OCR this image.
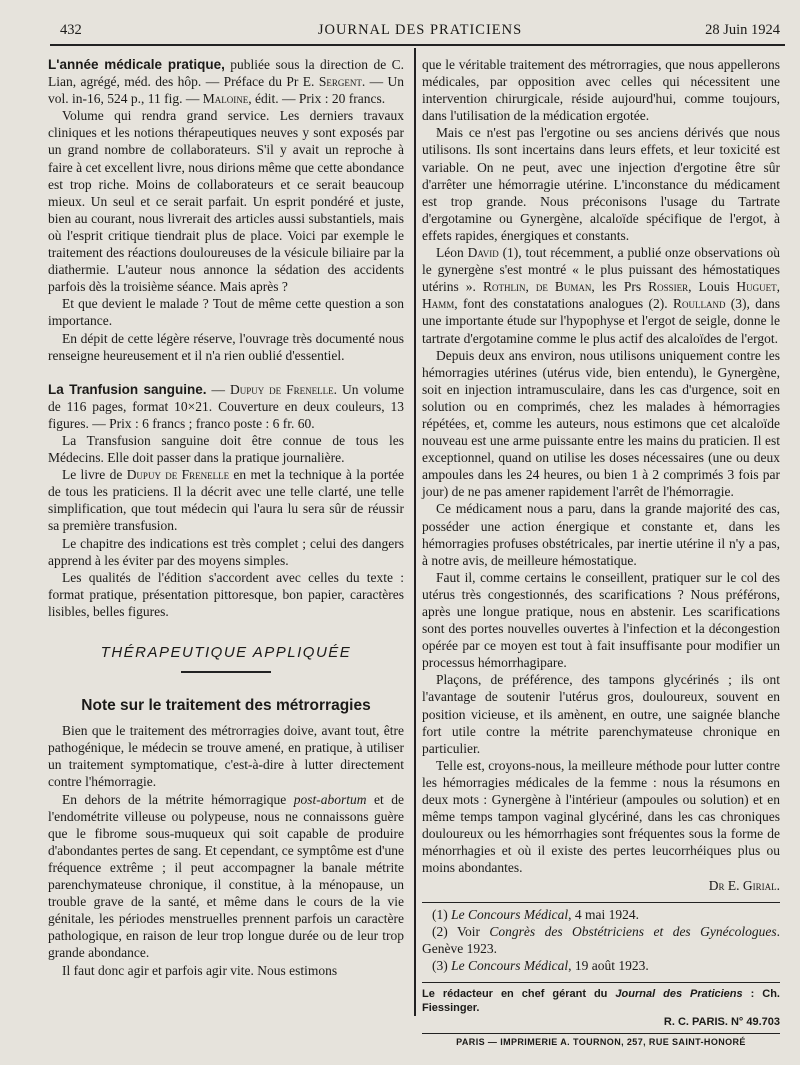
432	JOURNAL DES PRATICIENS	28 Juin 1924

L'année médicale pratique, publiée sous la direction de C. Lian, agrégé, méd. des hôp. — Préface du Pr E. Sergent. — Un vol. in-16, 524 p., 11 fig. — Maloine, édit. — Prix : 20 francs.

Volume qui rendra grand service. Les derniers travaux cliniques et les notions thérapeutiques neuves y sont exposés par un grand nombre de collaborateurs. S'il y avait un reproche à faire à cet excellent livre, nous dirions même que cette abondance est trop riche. Moins de collaborateurs et ce serait beaucoup mieux. Un seul et ce serait parfait. Un esprit pondéré et juste, bien au courant, nous livrerait des articles aussi substantiels, mais où l'esprit critique tiendrait plus de place. Voici par exemple le traitement des réactions douloureuses de la vésicule biliaire par la diathermie. L'auteur nous annonce la sédation des accidents parfois dès la troisième séance. Mais après ?

Et que devient le malade ? Tout de même cette question a son importance.

En dépit de cette légère réserve, l'ouvrage très documenté nous renseigne heureusement et il n'a rien oublié d'essentiel.

La Tranfusion sanguine. — Dupuy de Frenelle. Un volume de 116 pages, format 10×21. Couverture en deux couleurs, 13 figures. — Prix : 6 francs ; franco poste : 6 fr. 60.

La Transfusion sanguine doit être connue de tous les Médecins. Elle doit passer dans la pratique journalière.

Le livre de Dupuy de Frenelle en met la technique à la portée de tous les praticiens. Il la décrit avec une telle clarté, une telle simplification, que tout médecin qui l'aura lu sera sûr de réussir sa première transfusion.

Le chapitre des indications est très complet ; celui des dangers apprend à les éviter par des moyens simples.

Les qualités de l'édition s'accordent avec celles du texte : format pratique, présentation pittoresque, bon papier, caractères lisibles, belles figures.

THÉRAPEUTIQUE APPLIQUÉE
Note sur le traitement des métrorragies

Bien que le traitement des métrorragies doive, avant tout, être pathogénique, le médecin se trouve amené, en pratique, à utiliser un traitement symptomatique, c'est-à-dire à lutter directement contre l'hémorragie.

En dehors de la métrite hémorragique post-abortum et de l'endométrite villeuse ou polypeuse, nous ne connaissons guère que le fibrome sous-muqueux qui soit capable de produire d'abondantes pertes de sang. Et cependant, ce symptôme est d'une fréquence extrême ; il peut accompagner la banale métrite parenchymateuse chronique, il constitue, à la ménopause, un trouble grave de la santé, et même dans le cours de la vie génitale, les périodes menstruelles prennent parfois un caractère pathologique, en raison de leur trop longue durée ou de leur trop grande abondance.

Il faut donc agir et parfois agir vite. Nous estimons

que le véritable traitement des métrorragies, que nous appellerons médicales, par opposition avec celles qui nécessitent une intervention chirurgicale, réside aujourd'hui, comme toujours, dans l'utilisation de la médication ergotée.

Mais ce n'est pas l'ergotine ou ses anciens dérivés que nous utilisons. Ils sont incertains dans leurs effets, et leur toxicité est variable. On ne peut, avec une injection d'ergotine être sûr d'arrêter une hémorragie utérine. L'inconstance du médicament est trop grande. Nous préconisons l'usage du Tartrate d'ergotamine ou Gynergène, alcaloïde spécifique de l'ergot, à effets rapides, énergiques et constants.

Léon David (1), tout récemment, a publié onze observations où le gynergène s'est montré « le plus puissant des hémostatiques utérins ». Rothlin, de Buman, les Prs Rossier, Louis Huguet, Hamm, font des constatations analogues (2). Roulland (3), dans une importante étude sur l'hypophyse et l'ergot de seigle, donne le tartrate d'ergotamine comme le plus actif des alcaloïdes de l'ergot.

Depuis deux ans environ, nous utilisons uniquement contre les hémorragies utérines (utérus vide, bien entendu), le Gynergène, soit en injection intramusculaire, dans les cas d'urgence, soit en solution ou en comprimés, chez les malades à hémorragies répétées, et, comme les auteurs, nous estimons que cet alcaloïde nouveau est une arme puissante entre les mains du praticien. Il est exceptionnel, quand on utilise les doses nécessaires (une ou deux ampoules dans les 24 heures, ou bien 1 à 2 comprimés 3 fois par jour) de ne pas amener rapidement l'arrêt de l'hémorragie.

Ce médicament nous a paru, dans la grande majorité des cas, posséder une action énergique et constante et, dans les hémorragies profuses obstétricales, par inertie utérine il n'y a pas, à notre avis, de meilleure hémostatique.

Faut il, comme certains le conseillent, pratiquer sur le col des utérus très congestionnés, des scarifications ? Nous préférons, après une longue pratique, nous en abstenir. Les scarifications sont des portes nouvelles ouvertes à l'infection et la décongestion opérée par ce moyen est tout à fait insuffisante pour modifier un processus hémorrhagipare.

Plaçons, de préférence, des tampons glycérinés ; ils ont l'avantage de soutenir l'utérus gros, douloureux, souvent en position vicieuse, et ils amènent, en outre, une saignée blanche fort utile contre la métrite parenchymateuse chronique en particulier.

Telle est, croyons-nous, la meilleure méthode pour lutter contre les hémorragies médicales de la femme : nous la résumons en deux mots : Gynergène à l'intérieur (ampoules ou solution) et en même temps tampon vaginal glycériné, dans les cas chroniques douloureux ou les hémorrhagies sont fréquentes sous la forme de ménorrhagies et où il existe des pertes leucorrhéiques plus ou moins abondantes.

Dr E. Girial.

(1) Le Concours Médical, 4 mai 1924.

(2) Voir Congrès des Obstétriciens et des Gynécologues. Genève 1923.

(3) Le Concours Médical, 19 août 1923.

Le rédacteur en chef gérant du Journal des Praticiens : Ch. Fiessinger.
R. C. PARIS. N° 49.703
PARIS — IMPRIMERIE A. TOURNON, 257, RUE SAINT-HONORÉ
